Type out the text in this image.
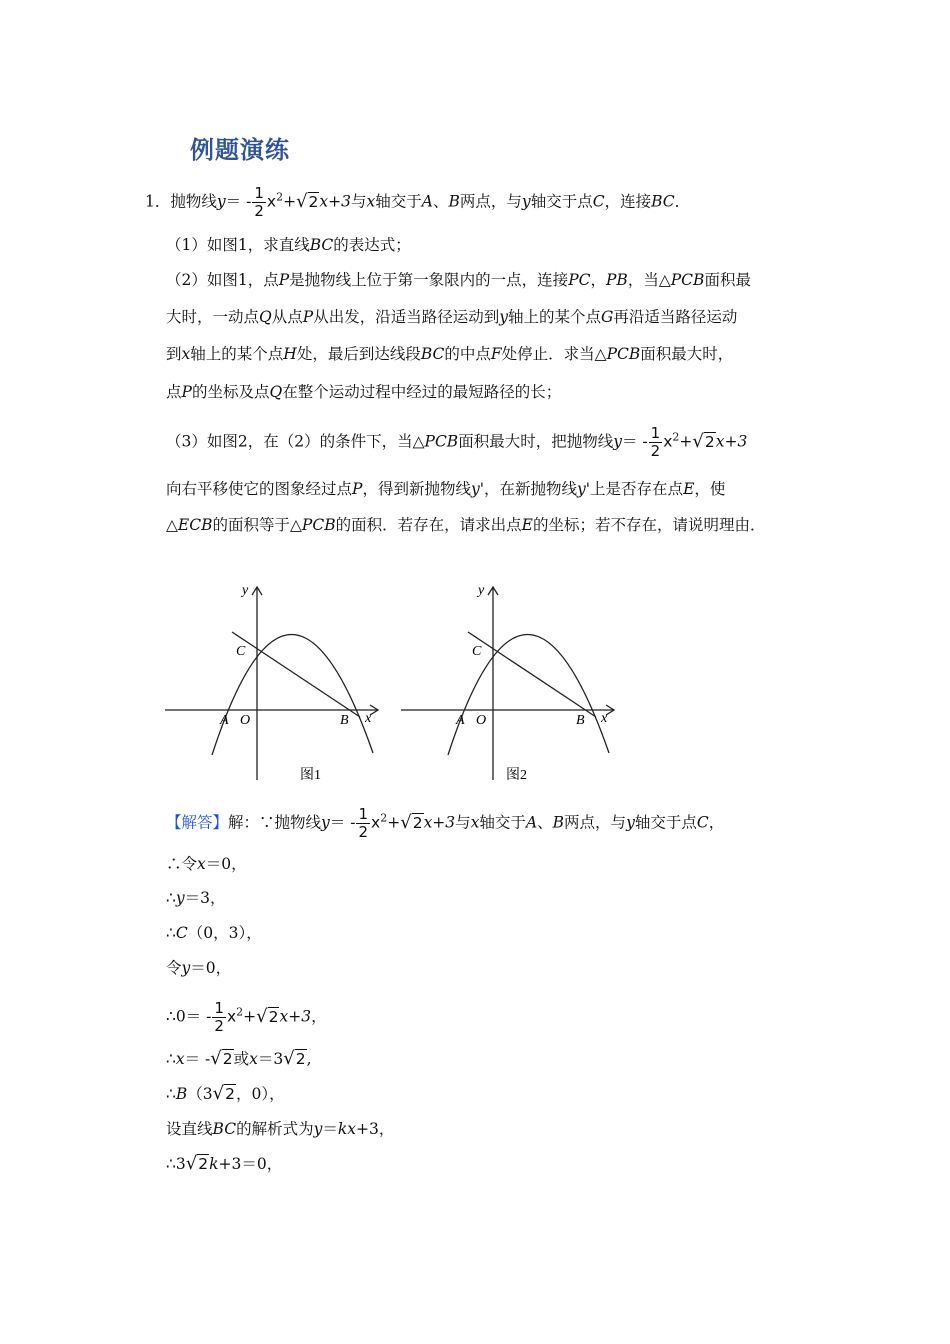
例题演练
1．抛物线$y= - \frac{1}{2} x^2+√2x+3$与x轴交于A、B两点，与y轴交于点C，连接BC．
（1）如图1，求直线BC的表达式；
（2）如图1，点P是抛物线上位于第一象限内的一点，连接PC，PB，当△PCB面积最
大时，一动点Q从点P从出发，沿适当路径运动到y轴上的某个点G再沿适当路径运动
到x轴上的某个点H处，最后到达线段BC的中点F处停止．求当△PCB面积最大时，
点P的坐标及点Q在整个运动过程中经过的最短路径的长；
（3）如图2，在（2）的条件下，当△PCB面积最大时，把抛物线$y= - \frac{1}{2} x^2+√2x+3$
向右平移使它的图象经过点P，得到新抛物线y'，在新抛物线y'上是否存在点E，使
△ECB的面积等于△PCB的面积．若存在，请求出点E的坐标；若不存在，请说明理由．
y
C
A O	B x
图1
y
C
A O	B x
图2
【解答】解：∵抛物线$y= - \frac{1}{2} x^2+√2x+3$与x轴交于A、B两点，与y轴交于点C，
∴令x＝0，
∴y＝3，
∴C（0，3），
令y＝0，
∴0＝ - $\frac{1}{2} x^2+√2x+3$，
∴x＝ -√2或x＝3√2,
∴B（3√2，0），
设直线BC的解析式为y＝kx+3，
∴3√2k+3＝0，
